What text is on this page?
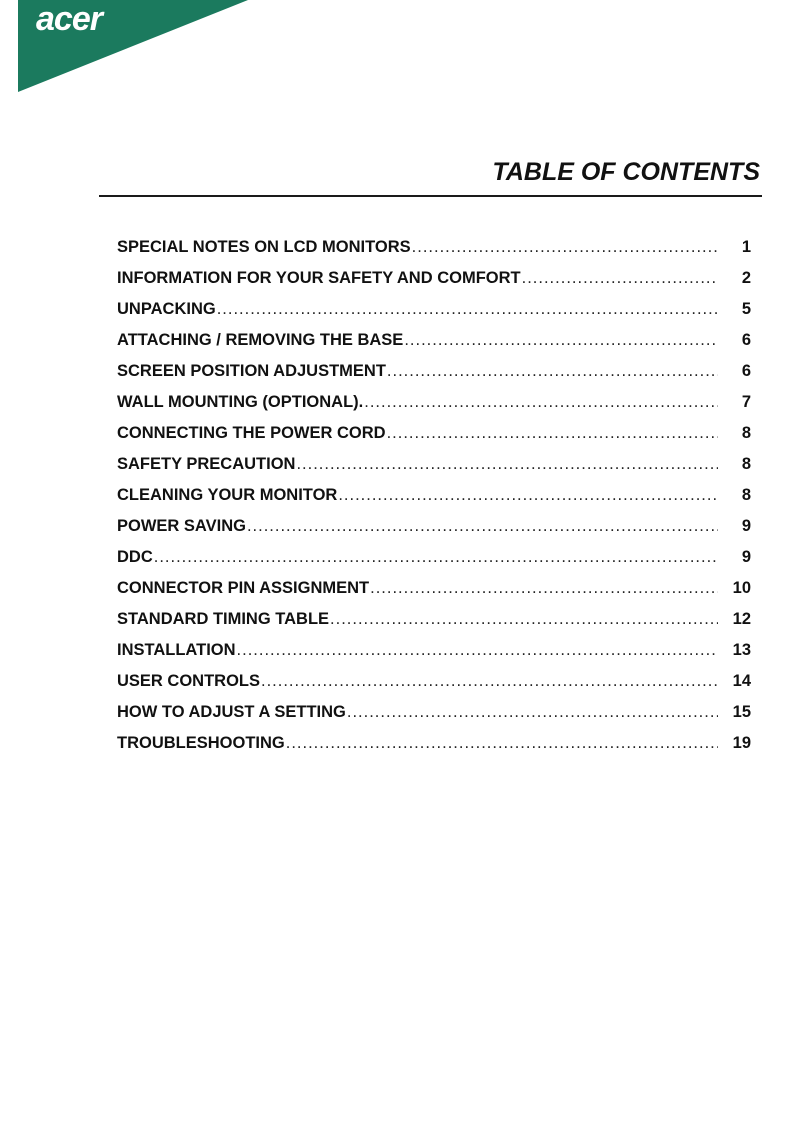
acer
TABLE OF CONTENTS
SPECIAL NOTES ON LCD MONITORS .....	1
INFORMATION FOR YOUR SAFETY AND COMFORT .....	2
UNPACKING .....	5
ATTACHING / REMOVING THE BASE .....	6
SCREEN POSITION ADJUSTMENT .....	6
WALL MOUNTING (OPTIONAL). .....	7
CONNECTING THE POWER CORD .....	8
SAFETY PRECAUTION .....	8
CLEANING YOUR MONITOR .....	8
POWER SAVING .....	9
DDC .....	9
CONNECTOR PIN ASSIGNMENT .....	10
STANDARD TIMING TABLE .....	12
INSTALLATION .....	13
USER CONTROLS .....	14
HOW TO ADJUST A SETTING .....	15
TROUBLESHOOTING .....	19
